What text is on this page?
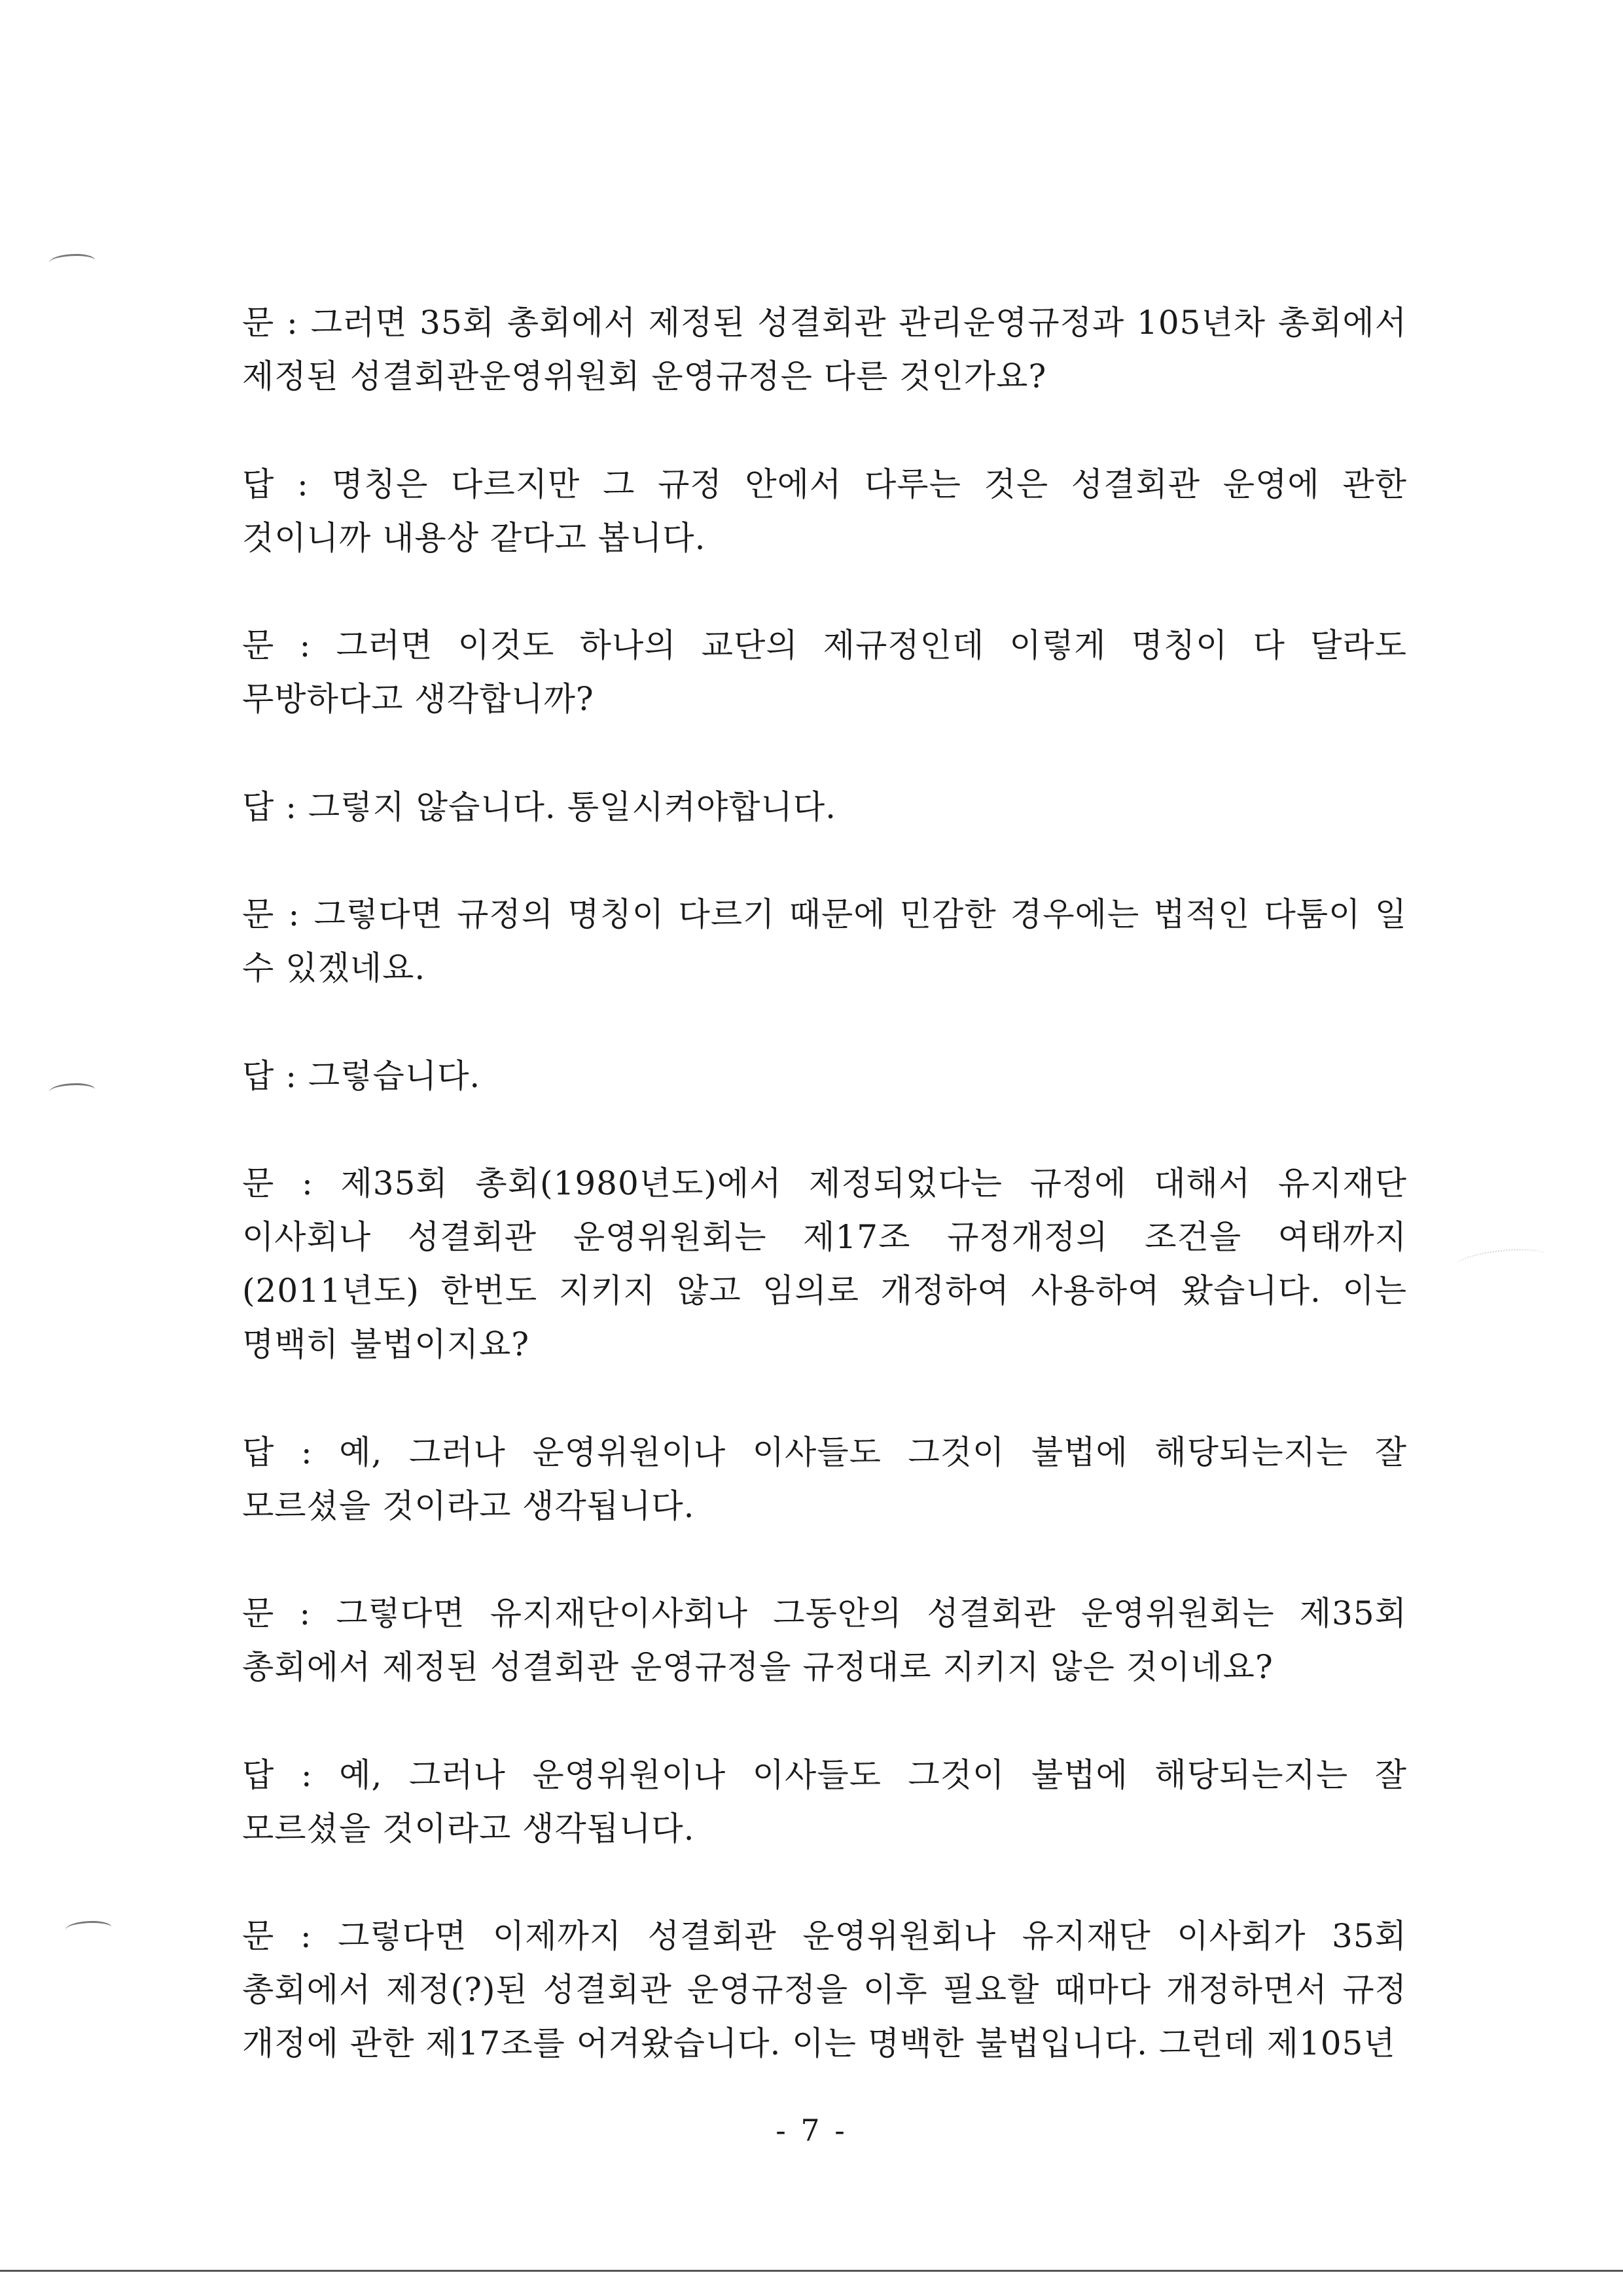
문 : 그러면 35회 총회에서 제정된 성결회관 관리운영규정과 105년차 총회에서 제정된 성결회관운영위원회 운영규정은 다른 것인가요?

답 : 명칭은 다르지만 그 규정 안에서 다루는 것은 성결회관 운영에 관한 것이니까 내용상 같다고 봅니다.

문 : 그러면 이것도 하나의 교단의 제규정인데 이렇게 명칭이 다 달라도 무방하다고 생각합니까?

답 : 그렇지 않습니다. 통일시켜야합니다.

문 : 그렇다면 규정의 명칭이 다르기 때문에 민감한 경우에는 법적인 다툼이 일 수 있겠네요.

답 : 그렇습니다.

문 : 제35회 총회(1980년도)에서 제정되었다는 규정에 대해서 유지재단 이사회나 성결회관 운영위원회는 제17조 규정개정의 조건을 여태까지(2011년도) 한번도 지키지 않고 임의로 개정하여 사용하여 왔습니다. 이는 명백히 불법이지요?

답 : 예, 그러나 운영위원이나 이사들도 그것이 불법에 해당되는지는 잘 모르셨을 것이라고 생각됩니다.

문 : 그렇다면 유지재단이사회나 그동안의 성결회관 운영위원회는 제35회 총회에서 제정된 성결회관 운영규정을 규정대로 지키지 않은 것이네요?

답 : 예, 그러나 운영위원이나 이사들도 그것이 불법에 해당되는지는 잘 모르셨을 것이라고 생각됩니다.

문 : 그렇다면 이제까지 성결회관 운영위원회나 유지재단 이사회가 35회 총회에서 제정(?)된 성결회관 운영규정을 이후 필요할 때마다 개정하면서 규정 개정에 관한 제17조를 어겨왔습니다. 이는 명백한 불법입니다. 그런데 제105년

- 7 -
